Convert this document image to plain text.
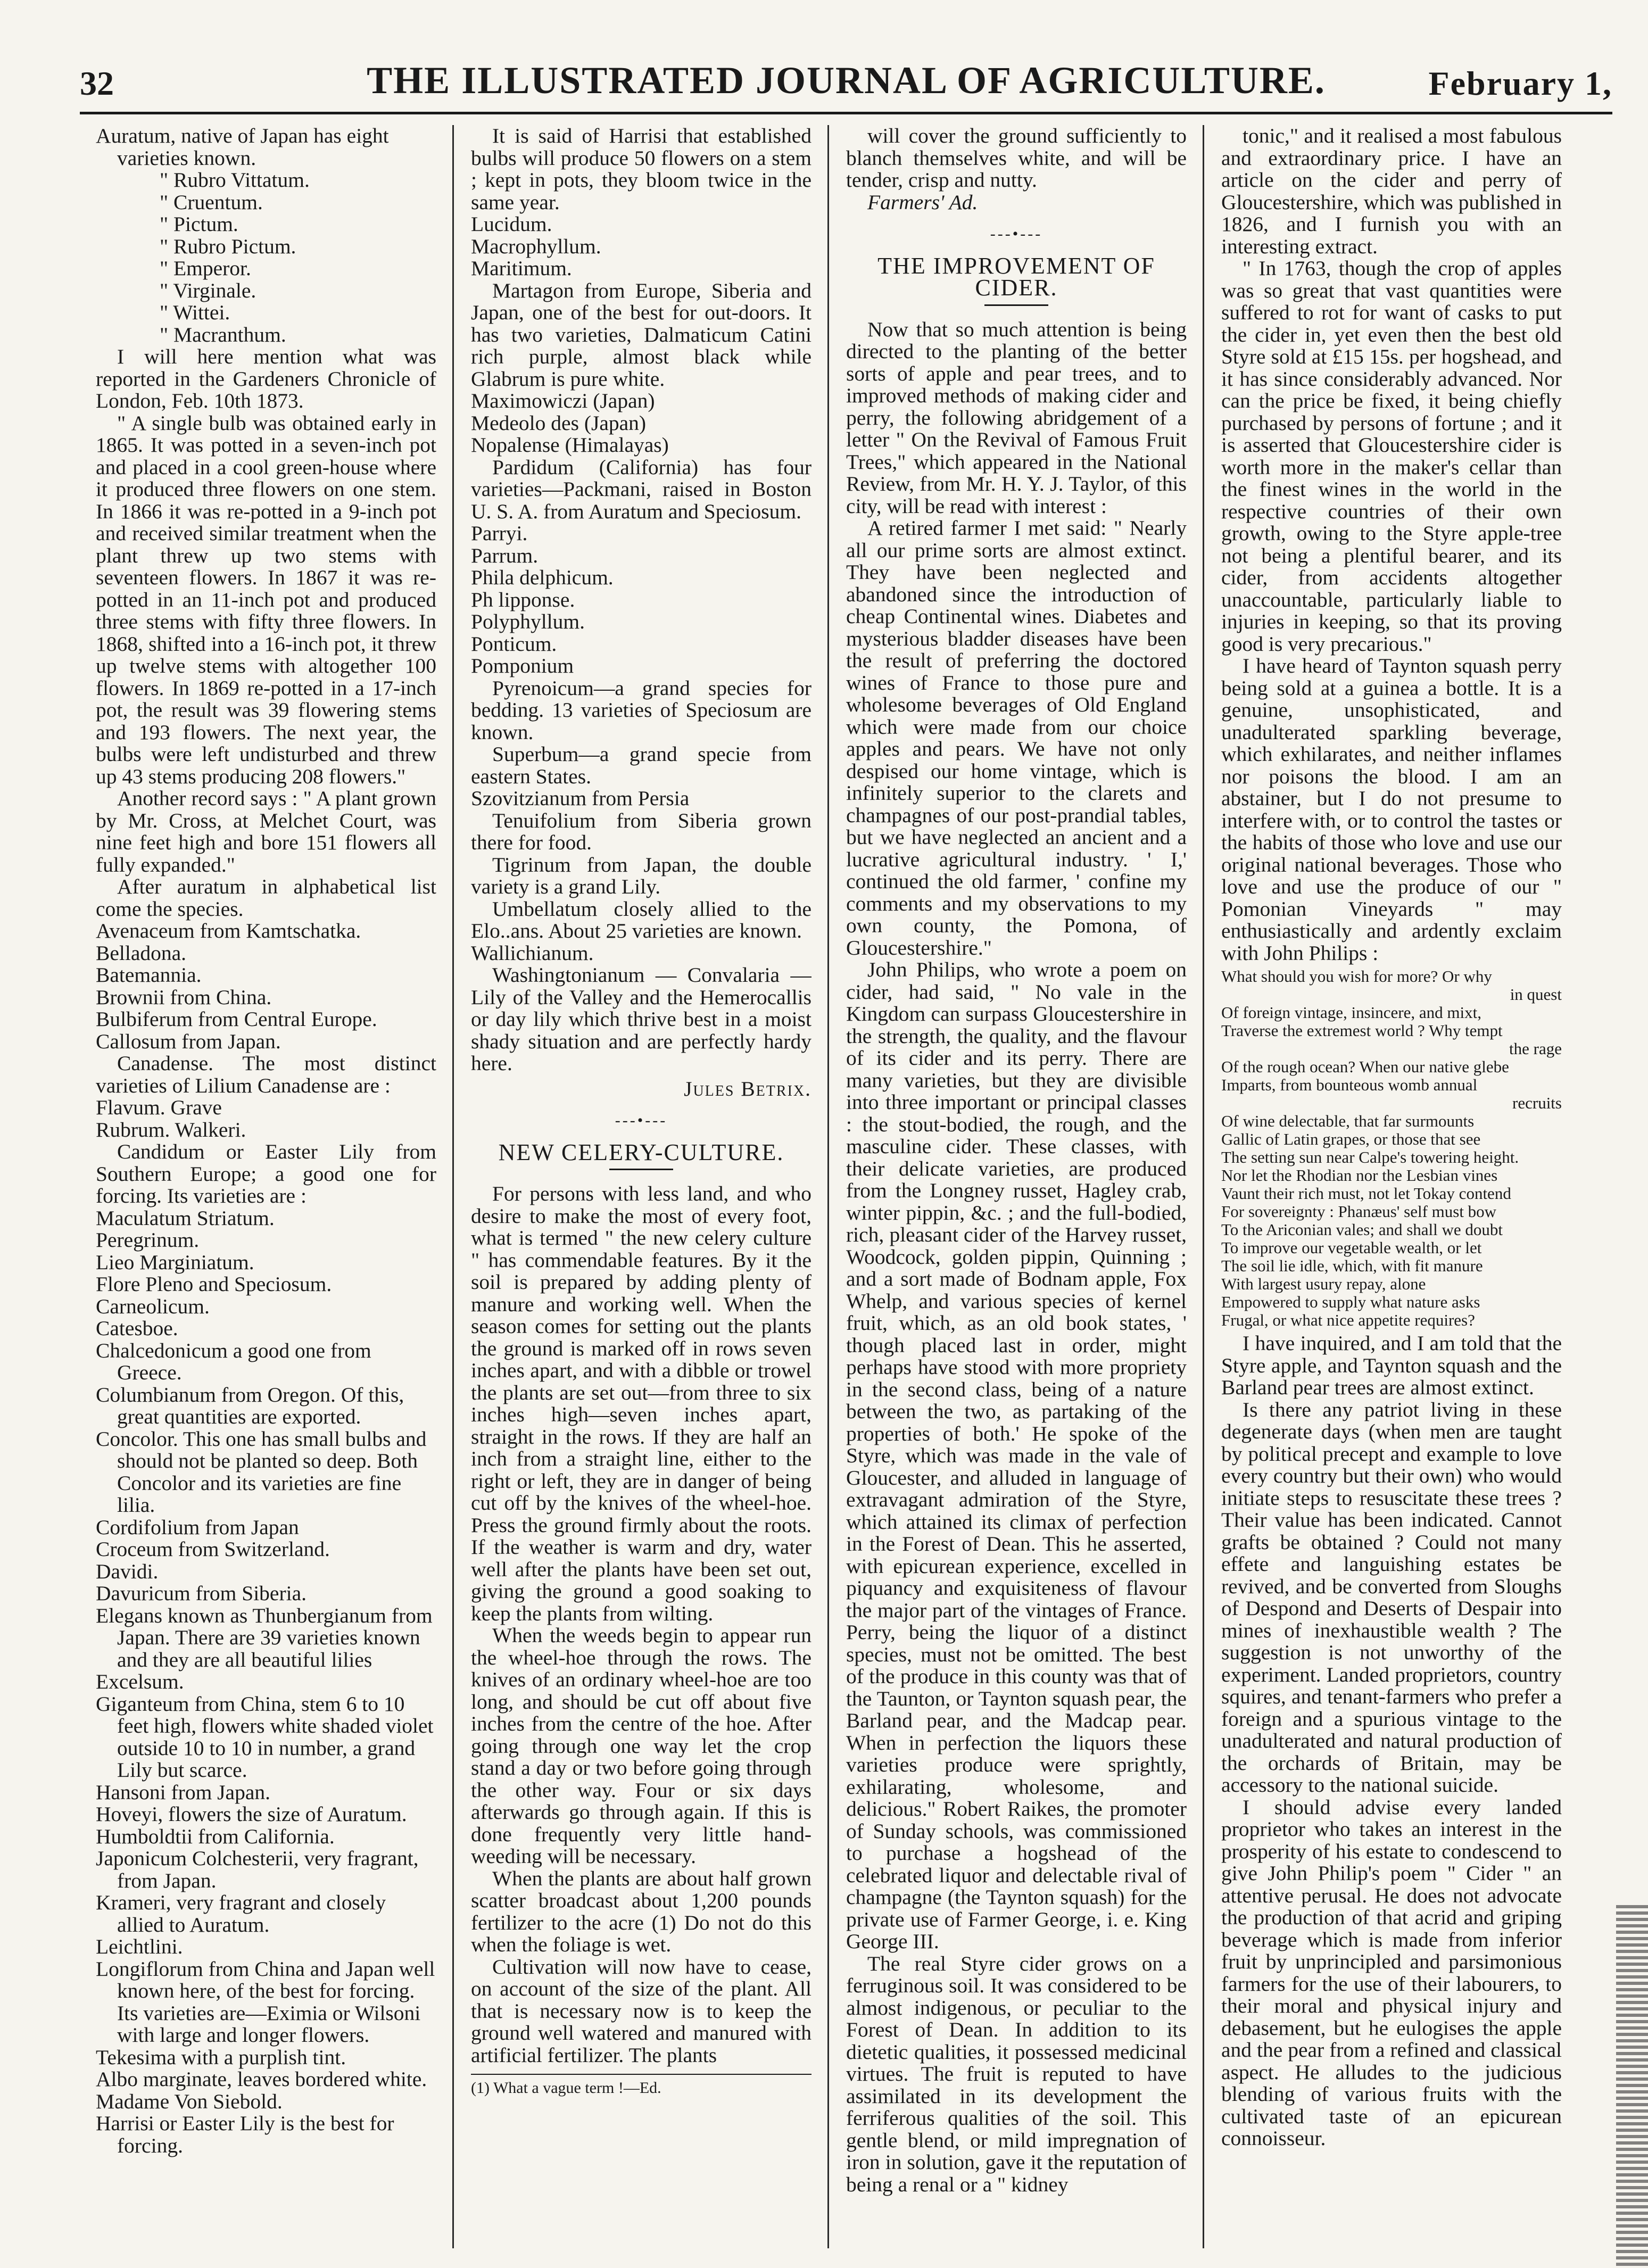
32	THE ILLUSTRATED JOURNAL OF AGRICULTURE.	February 1,

Auratum, native of Japan has eight varieties known.

" Rubro Vittatum.

" Cruentum.

" Pictum.

" Rubro Pictum.

" Emperor.

" Virginale.

" Wittei.

" Macranthum.

I will here mention what was reported in the Gardeners Chronicle of London, Feb. 10th 1873.

" A single bulb was obtained early in 1865. It was potted in a seven-inch pot and placed in a cool green-house where it produced three flowers on one stem. In 1866 it was re-potted in a 9-inch pot and received similar treatment when the plant threw up two stems with seventeen flowers. In 1867 it was re-potted in an 11-inch pot and produced three stems with fifty three flowers. In 1868, shifted into a 16-inch pot, it threw up twelve stems with altogether 100 flowers. In 1869 re-potted in a 17-inch pot, the result was 39 flowering stems and 193 flowers. The next year, the bulbs were left undisturbed and threw up 43 stems producing 208 flowers."

Another record says : " A plant grown by Mr. Cross, at Melchet Court, was nine feet high and bore 151 flowers all fully expanded."

After auratum in alphabetical list come the species.

Avenaceum from Kamtschatka.

Belladona.

Batemannia.

Brownii from China.

Bulbiferum from Central Europe.

Callosum from Japan.

Canadense. The most distinct varieties of Lilium Canadense are :

Flavum. Grave

Rubrum. Walkeri.

Candidum or Easter Lily from Southern Europe; a good one for forcing. Its varieties are :

Maculatum Striatum.

Peregrinum.

Lieo Marginiatum.

Flore Pleno and Speciosum.

Carneolicum.

Catesboe.

Chalcedonicum a good one from Greece.

Columbianum from Oregon. Of this, great quantities are exported.

Concolor. This one has small bulbs and should not be planted so deep. Both Concolor and its varieties are fine lilia.

Cordifolium from Japan

Croceum from Switzerland.

Davidi.

Davuricum from Siberia.

Elegans known as Thunbergianum from Japan. There are 39 varieties known and they are all beautiful lilies

Excelsum.

Giganteum from China, stem 6 to 10 feet high, flowers white shaded violet outside 10 to 10 in number, a grand Lily but scarce.

Hansoni from Japan.

Hoveyi, flowers the size of Auratum.

Humboldtii from California.

Japonicum Colchesterii, very fragrant, from Japan.

Krameri, very fragrant and closely allied to Auratum.

Leichtlini.

Longiflorum from China and Japan well known here, of the best for forcing. Its varieties are—Eximia or Wilsoni with large and longer flowers.

Tekesima with a purplish tint.

Albo marginate, leaves bordered white.

Madame Von Siebold.

Harrisi or Easter Lily is the best for forcing.

It is said of Harrisi that established bulbs will produce 50 flowers on a stem ; kept in pots, they bloom twice in the same year.

Lucidum.

Macrophyllum.

Maritimum.

Martagon from Europe, Siberia and Japan, one of the best for out-doors. It has two varieties, Dalmaticum Catini rich purple, almost black while Glabrum is pure white.

Maximowiczi (Japan)

Medeolo des (Japan)

Nopalense (Himalayas)

Pardidum (California) has four varieties—Packmani, raised in Boston U. S. A. from Auratum and Speciosum.

Parryi.

Parrum.

Phila delphicum.

Ph lipponse.

Polyphyllum.

Ponticum.

Pomponium

Pyrenoicum—a grand species for bedding. 13 varieties of Speciosum are known.

Superbum—a grand specie from eastern States.

Szovitzianum from Persia

Tenuifolium from Siberia grown there for food.

Tigrinum from Japan, the double variety is a grand Lily.

Umbellatum closely allied to the Elo..ans. About 25 varieties are known.

Wallichianum.

Washingtonianum — Convalaria — Lily of the Valley and the Hemerocallis or day lily which thrive best in a moist shady situation and are perfectly hardy here.

Jules Betrix.

---•---

NEW CELERY-CULTURE.

For persons with less land, and who desire to make the most of every foot, what is termed " the new celery culture " has commendable features. By it the soil is prepared by adding plenty of manure and working well. When the season comes for setting out the plants the ground is marked off in rows seven inches apart, and with a dibble or trowel the plants are set out—from three to six inches high—seven inches apart, straight in the rows. If they are half an inch from a straight line, either to the right or left, they are in danger of being cut off by the knives of the wheel-hoe. Press the ground firmly about the roots. If the weather is warm and dry, water well after the plants have been set out, giving the ground a good soaking to keep the plants from wilting.

When the weeds begin to appear run the wheel-hoe through the rows. The knives of an ordinary wheel-hoe are too long, and should be cut off about five inches from the centre of the hoe. After going through one way let the crop stand a day or two before going through the other way. Four or six days afterwards go through again. If this is done frequently very little hand-weeding will be necessary.

When the plants are about half grown scatter broadcast about 1,200 pounds fertilizer to the acre (1) Do not do this when the foliage is wet.

Cultivation will now have to cease, on account of the size of the plant. All that is necessary now is to keep the ground well watered and manured with artificial fertilizer. The plants

(1) What a vague term !—Ed.

will cover the ground sufficiently to blanch themselves white, and will be tender, crisp and nutty.

Farmers' Ad.

---•---

THE IMPROVEMENT OF CIDER.

Now that so much attention is being directed to the planting of the better sorts of apple and pear trees, and to improved methods of making cider and perry, the following abridgement of a letter " On the Revival of Famous Fruit Trees," which appeared in the National Review, from Mr. H. Y. J. Taylor, of this city, will be read with interest :

A retired farmer I met said: " Nearly all our prime sorts are almost extinct. They have been neglected and abandoned since the introduction of cheap Continental wines. Diabetes and mysterious bladder diseases have been the result of preferring the doctored wines of France to those pure and wholesome beverages of Old England which were made from our choice apples and pears. We have not only despised our home vintage, which is infinitely superior to the clarets and champagnes of our post-prandial tables, but we have neglected an ancient and a lucrative agricultural industry. ' I,' continued the old farmer, ' confine my comments and my observations to my own county, the Pomona, of Gloucestershire."

John Philips, who wrote a poem on cider, had said, " No vale in the Kingdom can surpass Gloucestershire in the strength, the quality, and the flavour of its cider and its perry. There are many varieties, but they are divisible into three important or principal classes : the stout-bodied, the rough, and the masculine cider. These classes, with their delicate varieties, are produced from the Longney russet, Hagley crab, winter pippin, &c. ; and the full-bodied, rich, pleasant cider of the Harvey russet, Woodcock, golden pippin, Quinning ; and a sort made of Bodnam apple, Fox Whelp, and various species of kernel fruit, which, as an old book states, ' though placed last in order, might perhaps have stood with more propriety in the second class, being of a nature between the two, as partaking of the properties of both.' He spoke of the Styre, which was made in the vale of Gloucester, and alluded in language of extravagant admiration of the Styre, which attained its climax of perfection in the Forest of Dean. This he asserted, with epicurean experience, excelled in piquancy and exquisiteness of flavour the major part of the vintages of France. Perry, being the liquor of a distinct species, must not be omitted. The best of the produce in this county was that of the Taunton, or Taynton squash pear, the Barland pear, and the Madcap pear. When in perfection the liquors these varieties produce were sprightly, exhilarating, wholesome, and delicious." Robert Raikes, the promoter of Sunday schools, was commissioned to purchase a hogshead of the celebrated liquor and delectable rival of champagne (the Taynton squash) for the private use of Farmer George, i. e. King George III.

The real Styre cider grows on a ferruginous soil. It was considered to be almost indigenous, or peculiar to the Forest of Dean. In addition to its dietetic qualities, it possessed medicinal virtues. The fruit is reputed to have assimilated in its development the ferriferous qualities of the soil. This gentle blend, or mild impregnation of iron in solution, gave it the reputation of being a renal or a " kidney

tonic," and it realised a most fabulous and extraordinary price. I have an article on the cider and perry of Gloucestershire, which was published in 1826, and I furnish you with an interesting extract.

" In 1763, though the crop of apples was so great that vast quantities were suffered to rot for want of casks to put the cider in, yet even then the best old Styre sold at £15 15s. per hogshead, and it has since considerably advanced. Nor can the price be fixed, it being chiefly purchased by persons of fortune ; and it is asserted that Gloucestershire cider is worth more in the maker's cellar than the finest wines in the world in the respective countries of their own growth, owing to the Styre apple-tree not being a plentiful bearer, and its cider, from accidents altogether unaccountable, particularly liable to injuries in keeping, so that its proving good is very precarious."

I have heard of Taynton squash perry being sold at a guinea a bottle. It is a genuine, unsophisticated, and unadulterated sparkling beverage, which exhilarates, and neither inflames nor poisons the blood. I am an abstainer, but I do not presume to interfere with, or to control the tastes or the habits of those who love and use our original national beverages. Those who love and use the produce of our " Pomonian Vineyards " may enthusiastically and ardently exclaim with John Philips :

What should you wish for more? Or why

in quest

Of foreign vintage, insincere, and mixt,

Traverse the extremest world ? Why tempt

the rage

Of the rough ocean? When our native glebe

Imparts, from bounteous womb annual

recruits

Of wine delectable, that far surmounts

Gallic of Latin grapes, or those that see

The setting sun near Calpe's towering height.

Nor let the Rhodian nor the Lesbian vines

Vaunt their rich must, not let Tokay contend

For sovereignty : Phanæus' self must bow

To the Ariconian vales; and shall we doubt

To improve our vegetable wealth, or let

The soil lie idle, which, with fit manure

With largest usury repay, alone

Empowered to supply what nature asks

Frugal, or what nice appetite requires?

I have inquired, and I am told that the Styre apple, and Taynton squash and the Barland pear trees are almost extinct.

Is there any patriot living in these degenerate days (when men are taught by political precept and example to love every country but their own) who would initiate steps to resuscitate these trees ? Their value has been indicated. Cannot grafts be obtained ? Could not many effete and languishing estates be revived, and be converted from Sloughs of Despond and Deserts of Despair into mines of inexhaustible wealth ? The suggestion is not unworthy of the experiment. Landed proprietors, country squires, and tenant-farmers who prefer a foreign and a spurious vintage to the unadulterated and natural production of the orchards of Britain, may be accessory to the national suicide.

I should advise every landed proprietor who takes an interest in the prosperity of his estate to condescend to give John Philip's poem " Cider " an attentive perusal. He does not advocate the production of that acrid and griping beverage which is made from inferior fruit by unprincipled and parsimonious farmers for the use of their labourers, to their moral and physical injury and debasement, but he eulogises the apple and the pear from a refined and classical aspect. He alludes to the judicious blending of various fruits with the cultivated taste of an epicurean connoisseur.
